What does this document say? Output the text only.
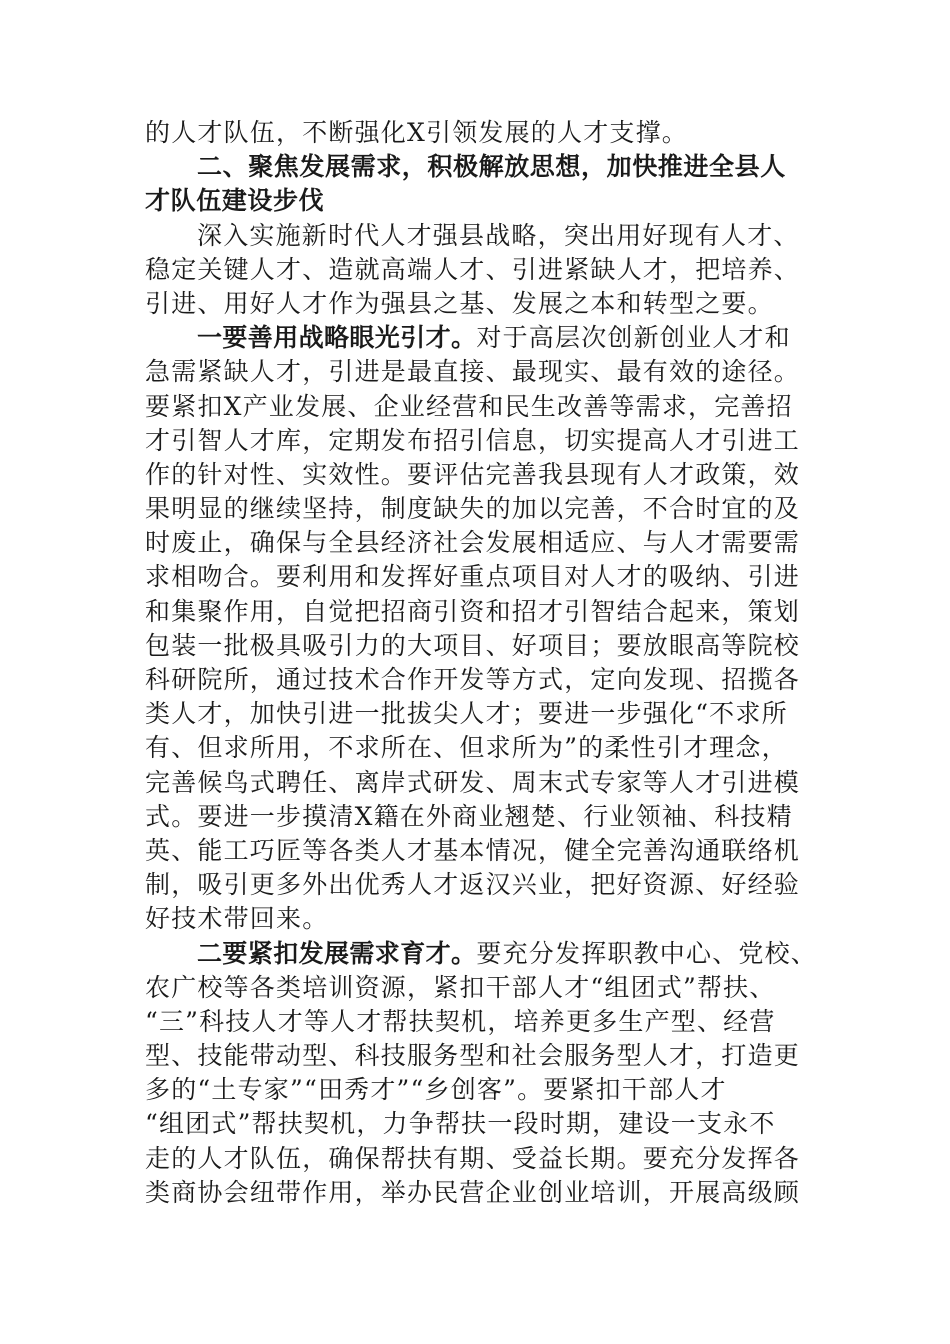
的人才队伍，不断强化X引领发展的人才支撑。
二、聚焦发展需求，积极解放思想，加快推进全县人
才队伍建设步伐
深入实施新时代人才强县战略，突出用好现有人才、
稳定关键人才、造就高端人才、引进紧缺人才，把培养、
引进、用好人才作为强县之基、发展之本和转型之要。
一要善用战略眼光引才。对于高层次创新创业人才和
急需紧缺人才，引进是最直接、最现实、最有效的途径。
要紧扣X产业发展、企业经营和民生改善等需求，完善招
才引智人才库，定期发布招引信息，切实提高人才引进工
作的针对性、实效性。要评估完善我县现有人才政策，效
果明显的继续坚持，制度缺失的加以完善，不合时宜的及
时废止，确保与全县经济社会发展相适应、与人才需要需
求相吻合。要利用和发挥好重点项目对人才的吸纳、引进
和集聚作用，自觉把招商引资和招才引智结合起来，策划
包装一批极具吸引力的大项目、好项目；要放眼高等院校
科研院所，通过技术合作开发等方式，定向发现、招揽各
类人才，加快引进一批拔尖人才；要进一步强化“不求所
有、但求所用，不求所在、但求所为”的柔性引才理念，
完善候鸟式聘任、离岸式研发、周末式专家等人才引进模
式。要进一步摸清X籍在外商业翘楚、行业领袖、科技精
英、能工巧匠等各类人才基本情况，健全完善沟通联络机
制，吸引更多外出优秀人才返汉兴业，把好资源、好经验
好技术带回来。
二要紧扣发展需求育才。要充分发挥职教中心、党校、
农广校等各类培训资源，紧扣干部人才“组团式”帮扶、
“三”科技人才等人才帮扶契机，培养更多生产型、经营
型、技能带动型、科技服务型和社会服务型人才，打造更
多的“土专家”“田秀才”“乡创客”。要紧扣干部人才
“组团式”帮扶契机，力争帮扶一段时期，建设一支永不
走的人才队伍，确保帮扶有期、受益长期。要充分发挥各
类商协会纽带作用，举办民营企业创业培训，开展高级顾
